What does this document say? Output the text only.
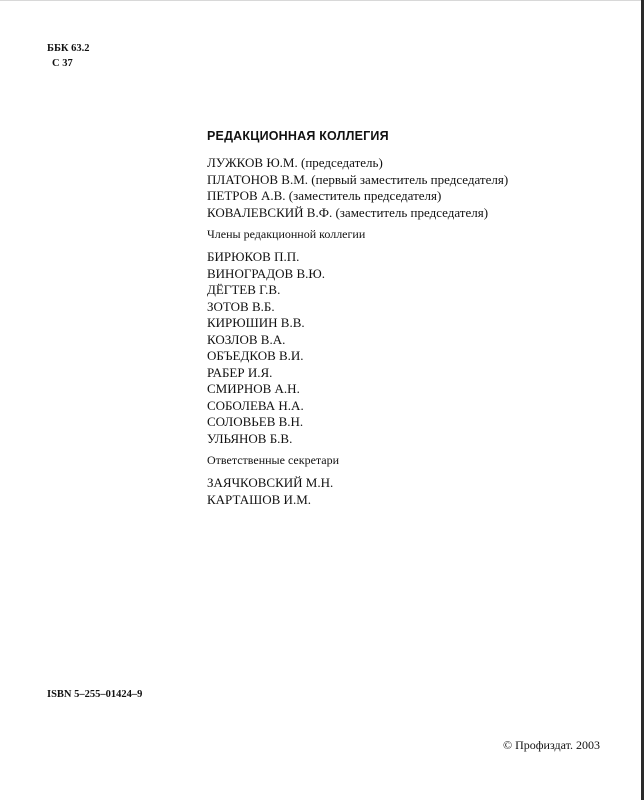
ББК 63.2
С 37
РЕДАКЦИОННАЯ КОЛЛЕГИЯ
ЛУЖКОВ Ю.М. (председатель)
ПЛАТОНОВ В.М. (первый заместитель председателя)
ПЕТРОВ А.В. (заместитель председателя)
КОВАЛЕВСКИЙ В.Ф. (заместитель председателя)
Члены редакционной коллегии
БИРЮКОВ П.П.
ВИНОГРАДОВ В.Ю.
ДЁГТЕВ Г.В.
ЗОТОВ В.Б.
КИРЮШИН В.В.
КОЗЛОВ В.А.
ОБЪЕДКОВ В.И.
РАБЕР И.Я.
СМИРНОВ А.Н.
СОБОЛЕВА Н.А.
СОЛОВЬЕВ В.Н.
УЛЬЯНОВ Б.В.
Ответственные секретари
ЗАЯЧКОВСКИЙ М.Н.
КАРТАШОВ И.М.
ISBN 5–255–01424–9
© Профиздат. 2003
